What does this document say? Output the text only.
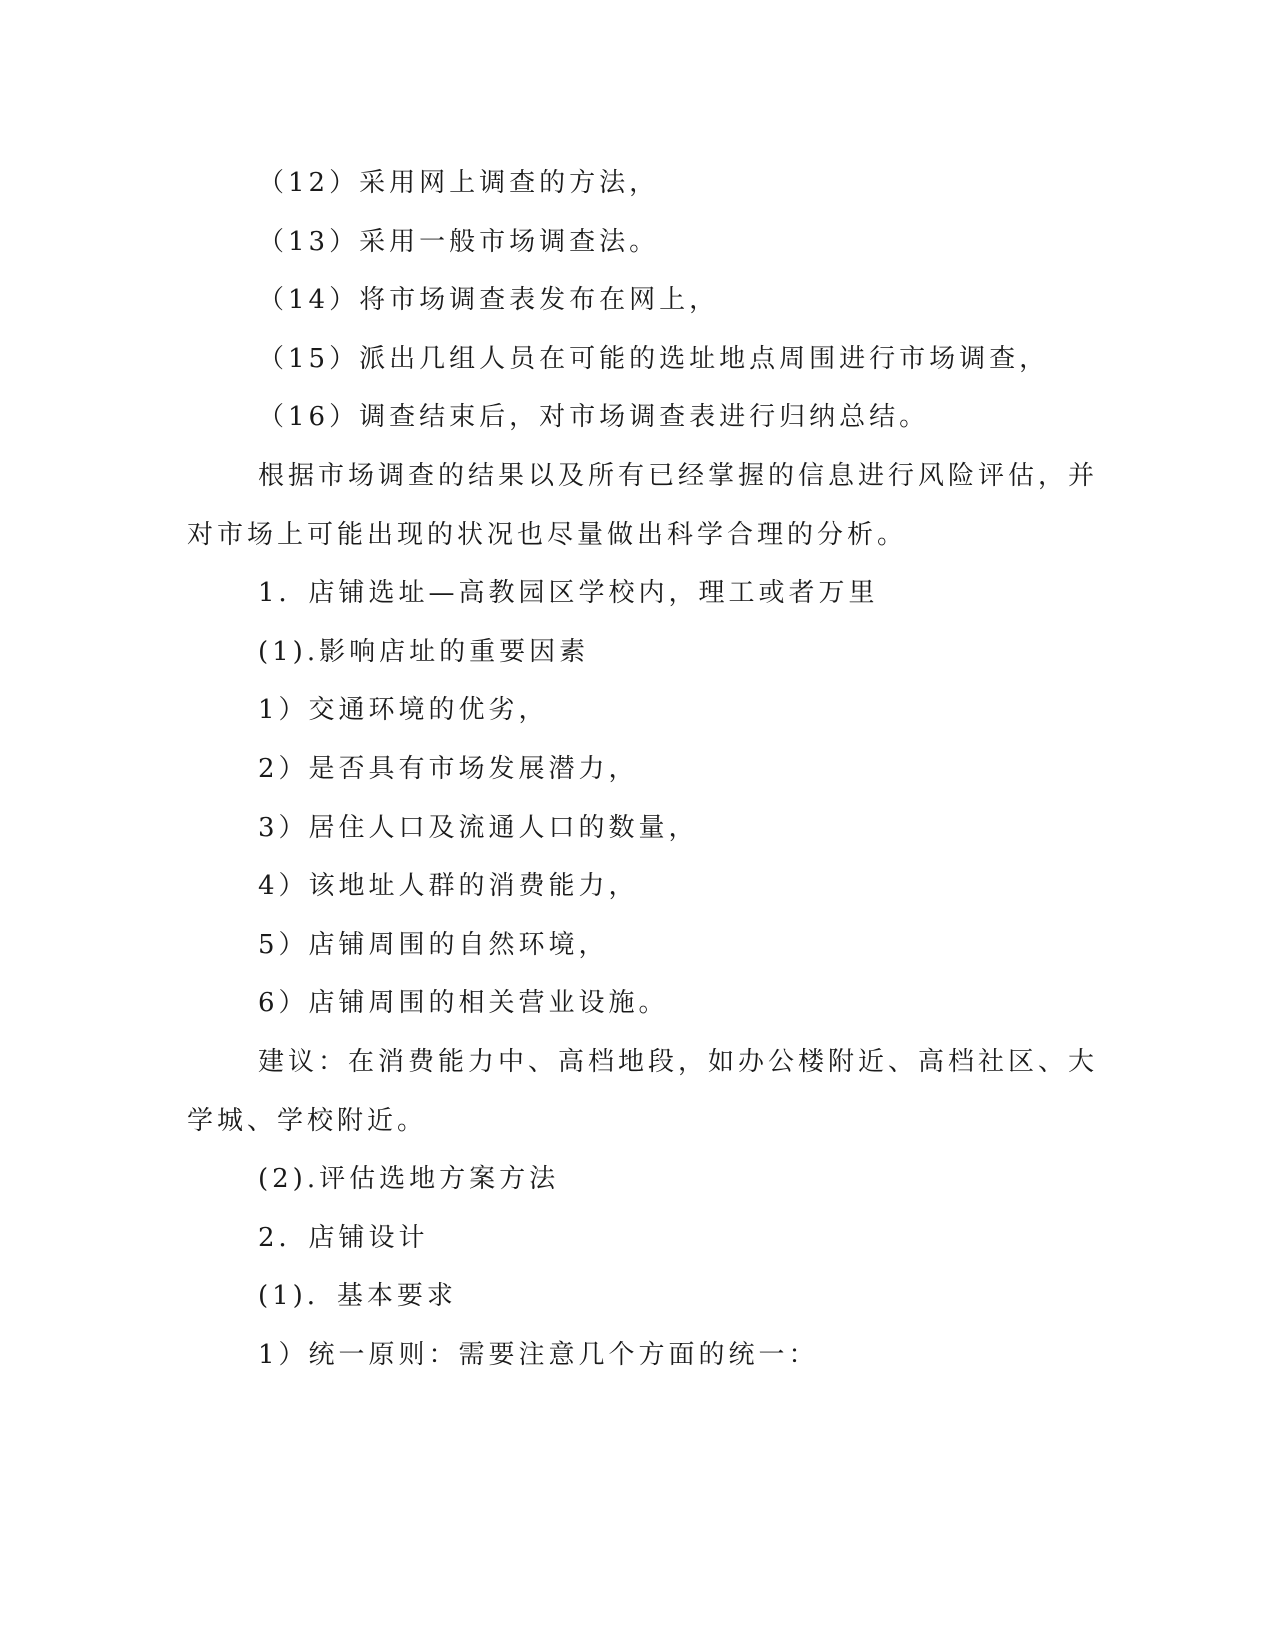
（12）采用网上调查的方法，
（13）采用一般市场调查法。
（14）将市场调查表发布在网上，
（15）派出几组人员在可能的选址地点周围进行市场调查，
（16）调查结束后，对市场调查表进行归纳总结。
根据市场调查的结果以及所有已经掌握的信息进行风险评估，并
对市场上可能出现的状况也尽量做出科学合理的分析。
1．店铺选址—高教园区学校内，理工或者万里
(1).影响店址的重要因素
1）交通环境的优劣，
2）是否具有市场发展潜力，
3）居住人口及流通人口的数量，
4）该地址人群的消费能力，
5）店铺周围的自然环境，
6）店铺周围的相关营业设施。
建议：在消费能力中、高档地段，如办公楼附近、高档社区、大
学城、学校附近。
(2).评估选地方案方法
2．店铺设计
(1)．基本要求
1）统一原则：需要注意几个方面的统一：
